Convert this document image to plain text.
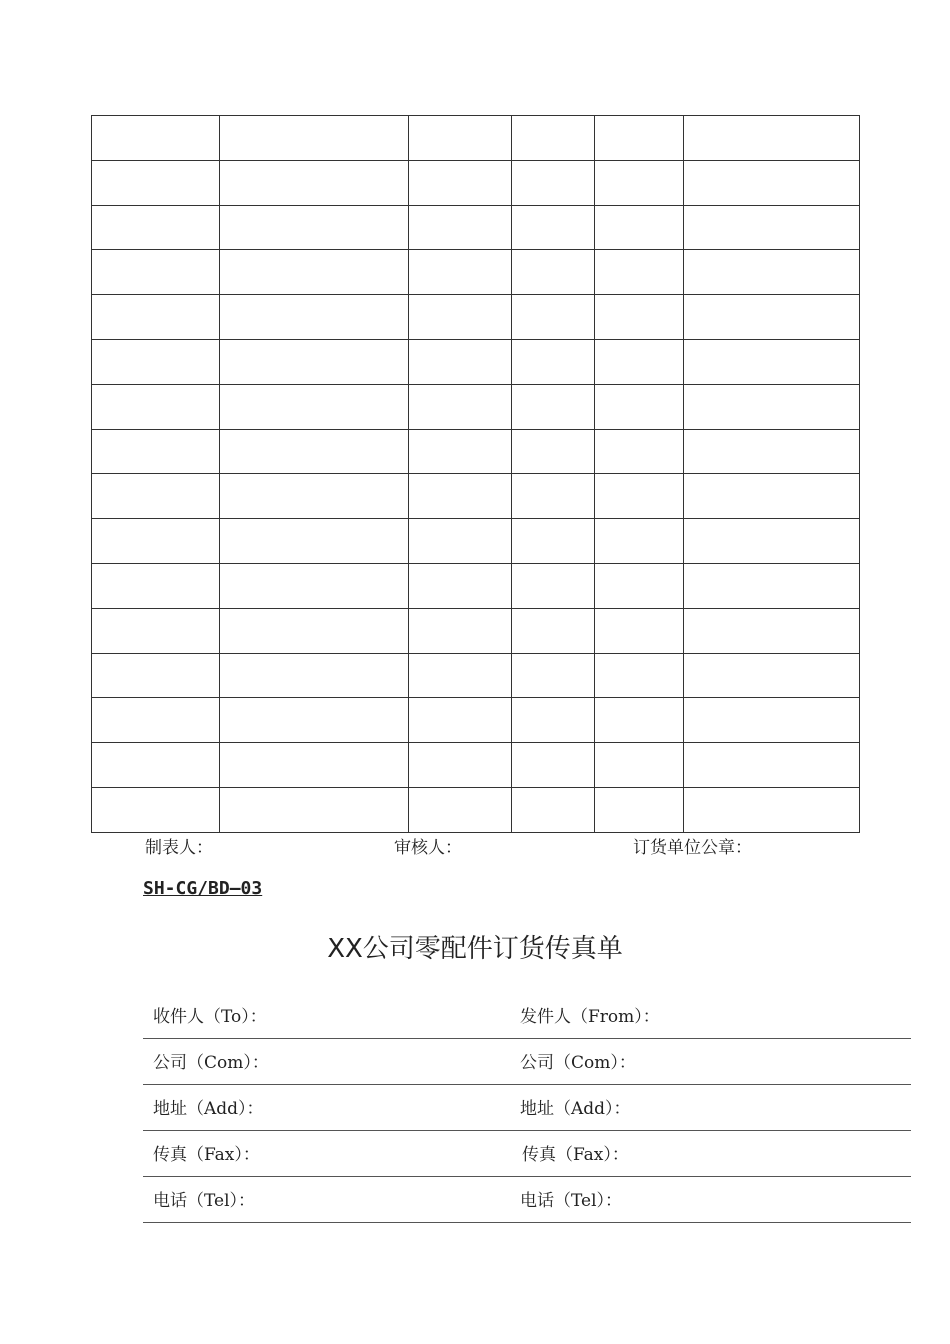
制表人：	审核人：	订货单位公章：
SH-CG/BD—03
XX公司零配件订货传真单
收件人（To）：	发件人（From）：
公司（Com）：	公司（Com）：
地址（Add）：	地址（Add）：
传真（Fax）：	传真（Fax）：
电话（Tel）：	电话（Tel）：
